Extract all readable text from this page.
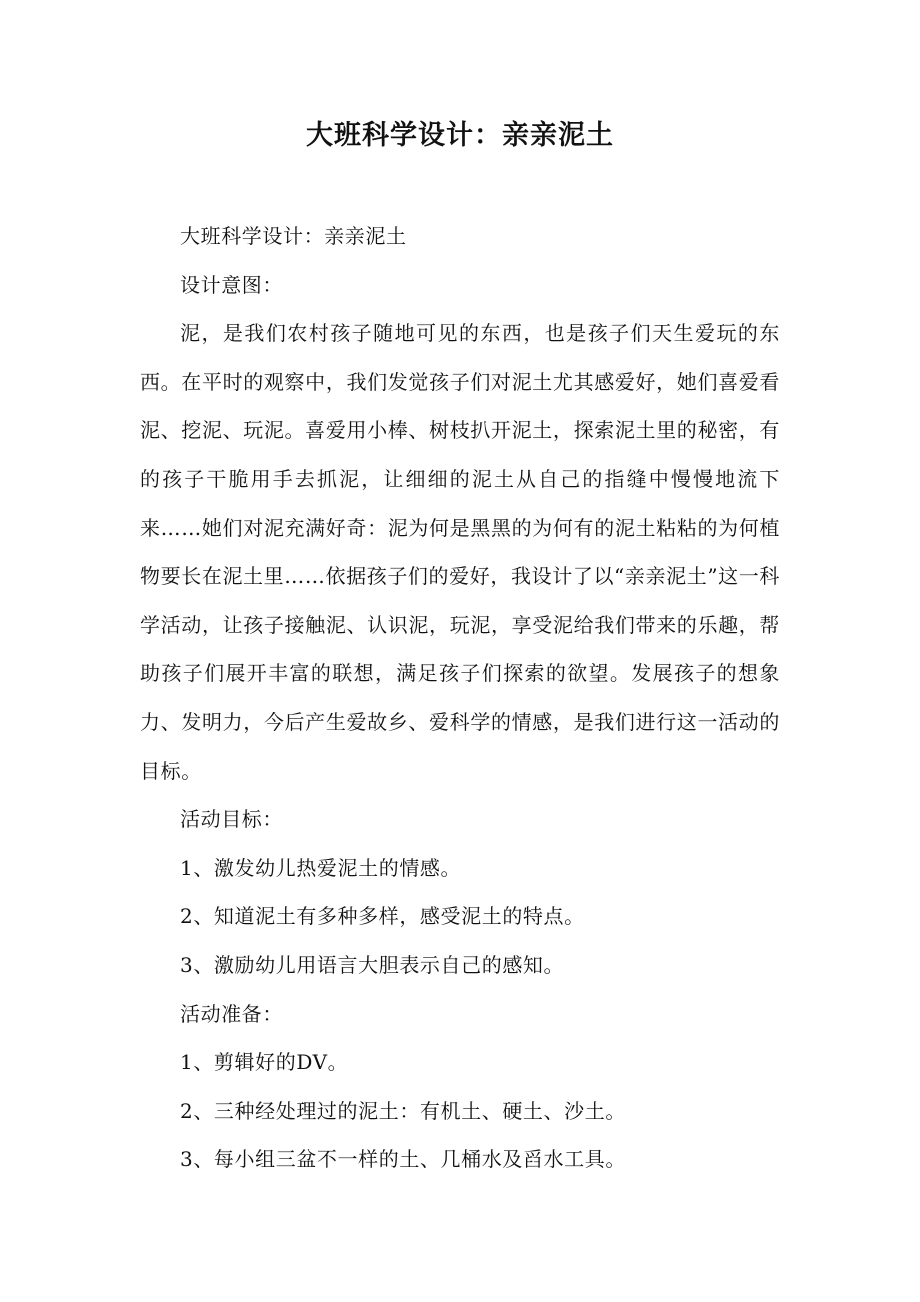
大班科学设计：亲亲泥土

大班科学设计：亲亲泥土

设计意图：

泥，是我们农村孩子随地可见的东西，也是孩子们天生爱玩的东西。在平时的观察中，我们发觉孩子们对泥土尤其感爱好，她们喜爱看泥、挖泥、玩泥。喜爱用小棒、树枝扒开泥土，探索泥土里的秘密，有的孩子干脆用手去抓泥，让细细的泥土从自己的指缝中慢慢地流下来……她们对泥充满好奇：泥为何是黑黑的为何有的泥土粘粘的为何植物要长在泥土里……依据孩子们的爱好，我设计了以“亲亲泥土”这一科学活动，让孩子接触泥、认识泥，玩泥，享受泥给我们带来的乐趣，帮助孩子们展开丰富的联想，满足孩子们探索的欲望。发展孩子的想象力、发明力，今后产生爱故乡、爱科学的情感，是我们进行这一活动的目标。

活动目标：

1、激发幼儿热爱泥土的情感。

2、知道泥土有多种多样，感受泥土的特点。

3、激励幼儿用语言大胆表示自己的感知。

活动准备：

1、剪辑好的DV。

2、三种经处理过的泥土：有机土、硬土、沙土。

3、每小组三盆不一样的土、几桶水及舀水工具。
